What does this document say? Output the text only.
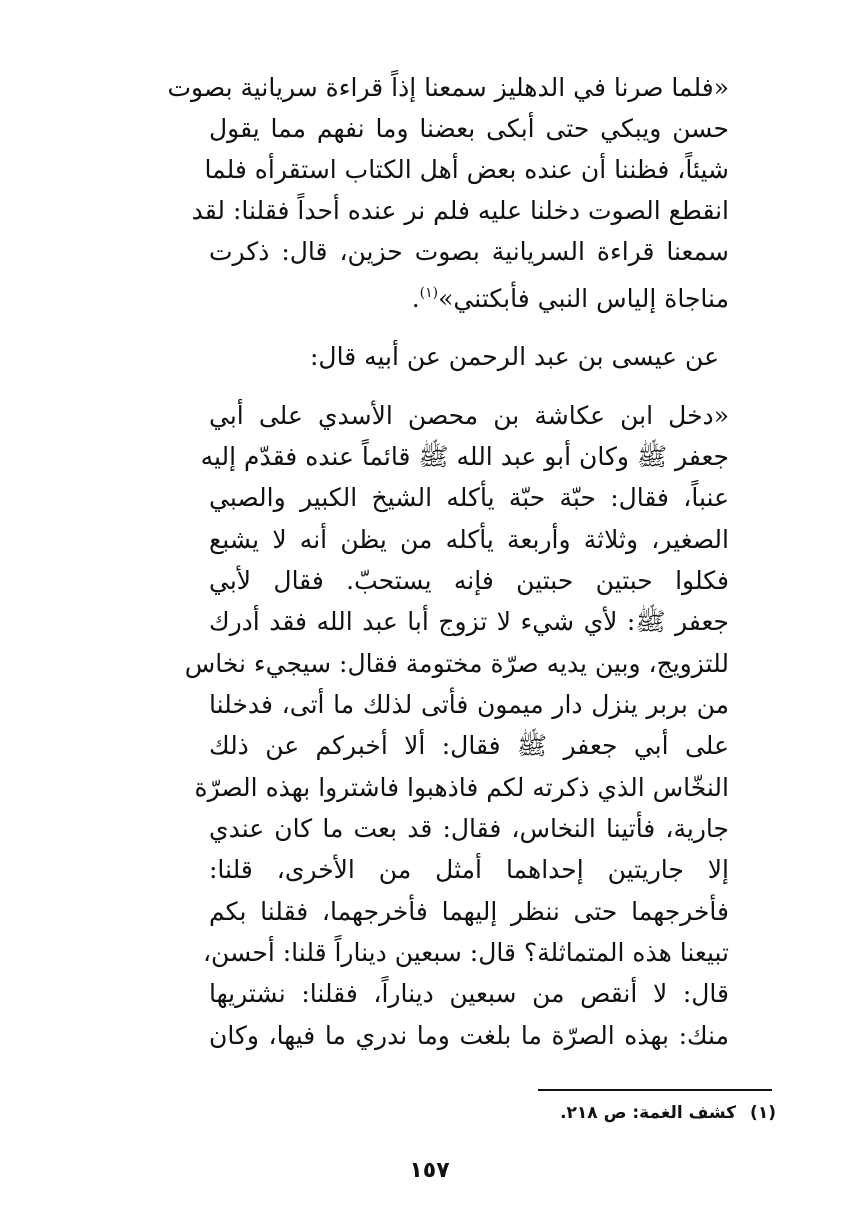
«فلما صرنا في الدهليز سمعنا إذاً قراءة سريانية بصوت
حسن ويبكي حتى أبكى بعضنا وما نفهم مما يقول
شيئاً، فظننا أن عنده بعض أهل الكتاب استقرأه فلما
انقطع الصوت دخلنا عليه فلم نر عنده أحداً فقلنا: لقد
سمعنا قراءة السريانية بصوت حزين، قال: ذكرت
مناجاة إلياس النبي فأبكتني»$^{(١)}$.
عن عيسى بن عبد الرحمن عن أبيه قال:
«دخل ابن عكاشة بن محصن الأسدي على أبي
جعفر ﷺ وكان أبو عبد الله ﷺ قائماً عنده فقدّم إليه
عنباً، فقال: حبّة حبّة يأكله الشيخ الكبير والصبي
الصغير، وثلاثة وأربعة يأكله من يظن أنه لا يشبع
فكلوا حبتين حبتين فإنه يستحبّ. فقال لأبي
جعفر ﷺ: لأي شيء لا تزوج أبا عبد الله فقد أدرك
للتزويج، وبين يديه صرّة مختومة فقال: سيجيء نخاس
من بربر ينزل دار ميمون فأتى لذلك ما أتى، فدخلنا
على أبي جعفر ﷺ فقال: ألا أخبركم عن ذلك
النخّاس الذي ذكرته لكم فاذهبوا فاشتروا بهذه الصرّة
جارية، فأتينا النخاس، فقال: قد بعت ما كان عندي
إلا جاريتين إحداهما أمثل من الأخرى، قلنا:
فأخرجهما حتى ننظر إليهما فأخرجهما، فقلنا بكم
تبيعنا هذه المتماثلة؟ قال: سبعين ديناراً قلنا: أحسن،
قال: لا أنقص من سبعين ديناراً، فقلنا: نشتريها
منك: بهذه الصرّة ما بلغت وما ندري ما فيها، وكان
(١)كشف الغمة: ص ٢١٨.
١٥٧
